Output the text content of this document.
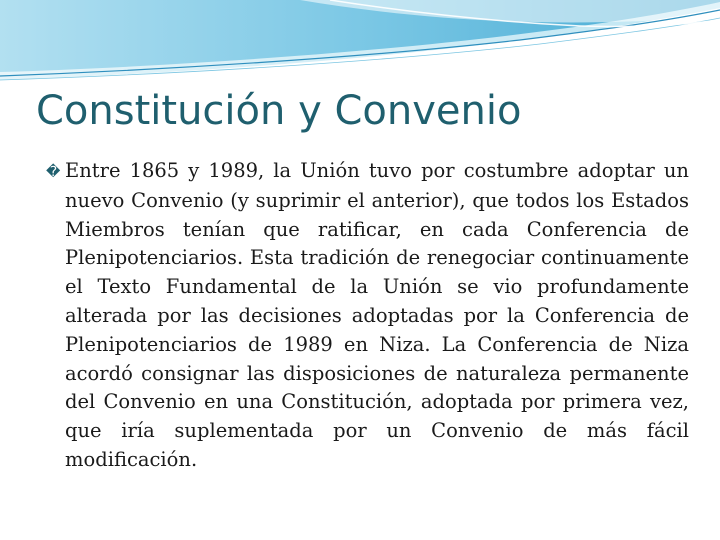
Constitución y Convenio

� Entre 1865 y 1989, la Unión tuvo por costumbre adoptar un nuevo Convenio (y suprimir el anterior), que todos los Estados Miembros tenían que ratificar, en cada Conferencia de Plenipotenciarios. Esta tradición de renegociar continuamente el Texto Fundamental de la Unión se vio profundamente alterada por las decisiones adoptadas por la Conferencia de Plenipotenciarios de 1989 en Niza. La Conferencia de Niza acordó consignar las disposiciones de naturaleza permanente del Convenio en una Constitución, adoptada por primera vez, que iría suplementada por un Convenio de más fácil modificación.
